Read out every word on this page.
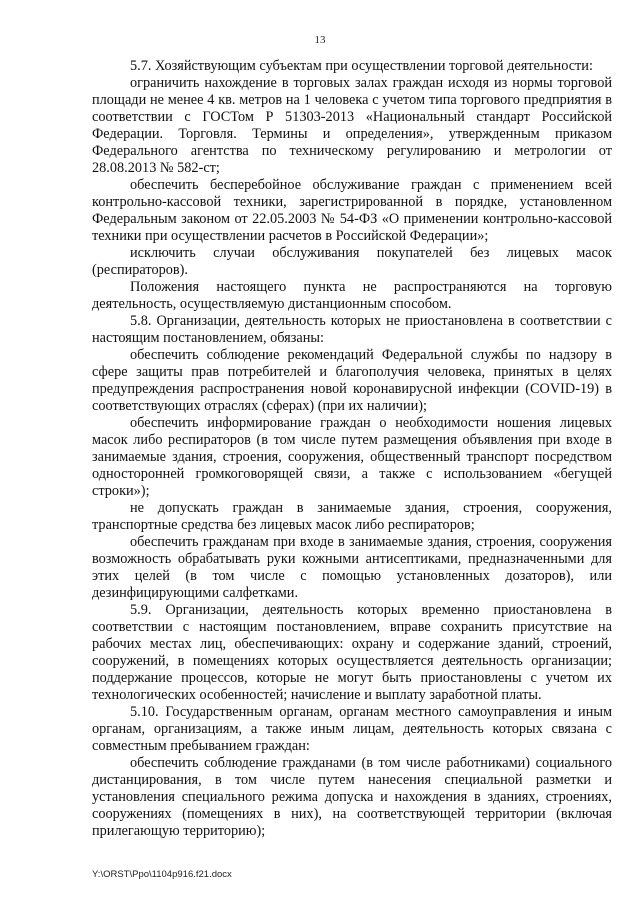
13

5.7. Хозяйствующим субъектам при осуществлении торговой деятельности:

ограничить нахождение в торговых залах граждан исходя из нормы торговой площади не менее 4 кв. метров на 1 человека с учетом типа торгового предприятия в соответствии с ГОСТом Р 51303-2013 «Национальный стандарт Российской Федерации. Торговля. Термины и определения», утвержденным приказом Федерального агентства по техническому регулированию и метрологии от 28.08.2013 № 582-ст;

обеспечить бесперебойное обслуживание граждан с применением всей контрольно-кассовой техники, зарегистрированной в порядке, установленном Федеральным законом от 22.05.2003 № 54-ФЗ «О применении контрольно-кассовой техники при осуществлении расчетов в Российской Федерации»;

исключить случаи обслуживания покупателей без лицевых масок (респираторов).

Положения настоящего пункта не распространяются на торговую деятельность, осуществляемую дистанционным способом.

5.8. Организации, деятельность которых не приостановлена в соответствии с настоящим постановлением, обязаны:

обеспечить соблюдение рекомендаций Федеральной службы по надзору в сфере защиты прав потребителей и благополучия человека, принятых в целях предупреждения распространения новой коронавирусной инфекции (COVID-19) в соответствующих отраслях (сферах) (при их наличии);

обеспечить информирование граждан о необходимости ношения лицевых масок либо респираторов (в том числе путем размещения объявления при входе в занимаемые здания, строения, сооружения, общественный транспорт посредством односторонней громкоговорящей связи, а также с использованием «бегущей строки»);

не допускать граждан в занимаемые здания, строения, сооружения, транспортные средства без лицевых масок либо респираторов;

обеспечить гражданам при входе в занимаемые здания, строения, сооружения возможность обрабатывать руки кожными антисептиками, предназначенными для этих целей (в том числе с помощью установленных дозаторов), или дезинфицирующими салфетками.

5.9. Организации, деятельность которых временно приостановлена в соответствии с настоящим постановлением, вправе сохранить присутствие на рабочих местах лиц, обеспечивающих: охрану и содержание зданий, строений, сооружений, в помещениях которых осуществляется деятельность организации; поддержание процессов, которые не могут быть приостановлены с учетом их технологических особенностей; начисление и выплату заработной платы.

5.10. Государственным органам, органам местного самоуправления и иным органам, организациям, а также иным лицам, деятельность которых связана с совместным пребыванием граждан:

обеспечить соблюдение гражданами (в том числе работниками) социального дистанцирования, в том числе путем нанесения специальной разметки и установления специального режима допуска и нахождения в зданиях, строениях, сооружениях (помещениях в них), на соответствующей территории (включая прилегающую территорию);

Y:\ORST\Ppo\1104p916.f21.docx
